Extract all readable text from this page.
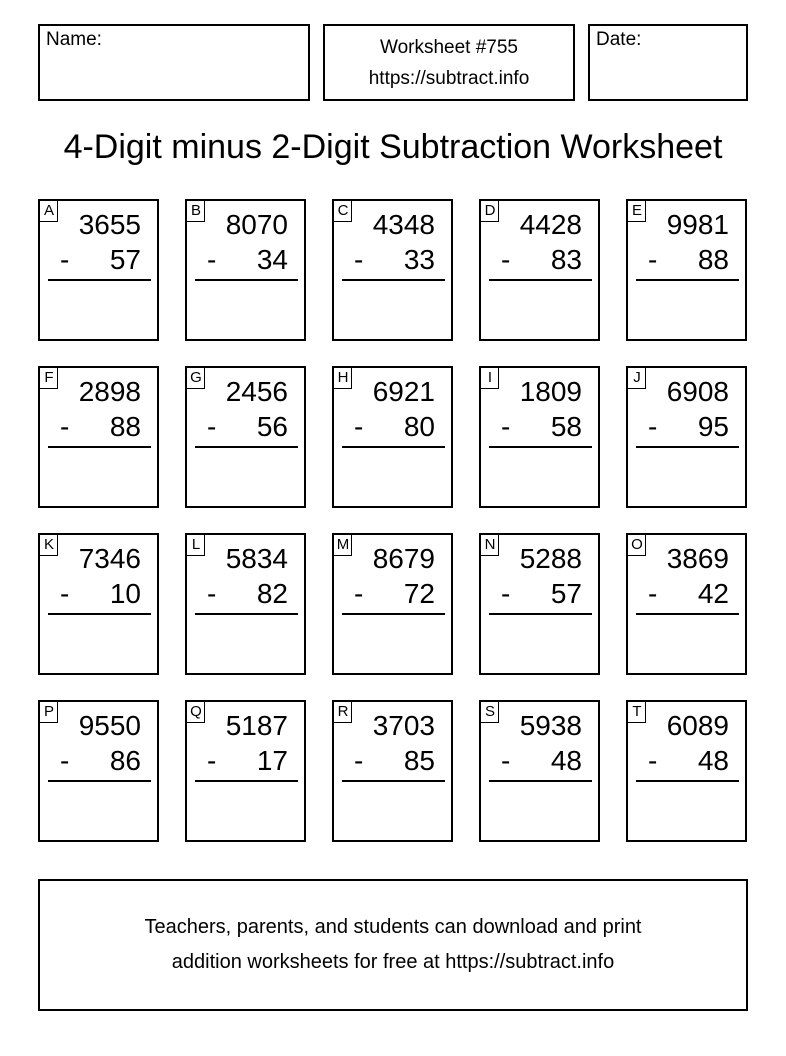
Name:	Worksheet #755
https://subtract.info
Date:
4-Digit minus 2-Digit Subtraction Worksheet
A 3655
- 57
B 8070
- 34
C 4348
- 33
D 4428
- 83
E 9981
- 88
F 2898
- 88
G 2456
- 56
H 6921
- 80
I 1809
- 58
J 6908
- 95
K 7346
- 10
L 5834
- 82
M 8679
- 72
N 5288
- 57
O 3869
- 42
P 9550
- 86
Q 5187
- 17
R 3703
- 85
S 5938
- 48
T 6089
- 48
Teachers, parents, and students can download and print
addition worksheets for free at https://subtract.info
